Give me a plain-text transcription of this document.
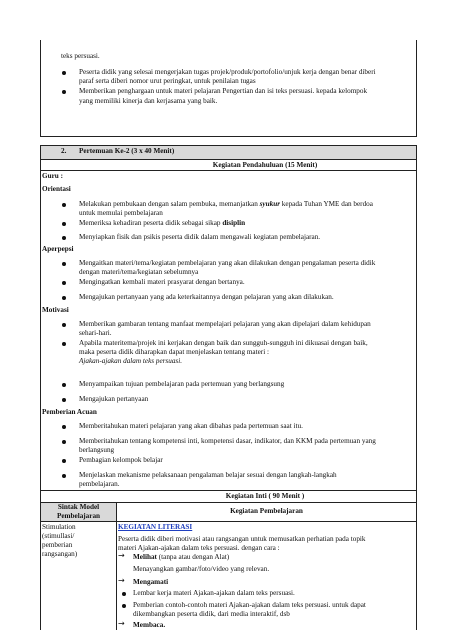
teks persuasi.
Peserta didik yang selesai mengerjakan tugas projek/produk/portofolio/unjuk kerja dengan benar diberi
paraf serta diberi nomor urut peringkat, untuk penilaian tugas
Memberikan penghargaan untuk materi pelajaran Pengertian dan isi teks persuasi. kepada kelompok
yang memiliki kinerja dan kerjasama yang baik.
2. Pertemuan Ke-2 (3 x 40 Menit)
Kegiatan Pendahuluan (15 Menit)
Guru :
Orientasi
Melakukan pembukaan dengan salam pembuka, memanjatkan syukur kepada Tuhan YME dan berdoa
untuk memulai pembelajaran
Memeriksa kehadiran peserta didik sebagai sikap disiplin
Menyiapkan fisik dan psikis peserta didik dalam mengawali kegiatan pembelajaran.
Aperpepsi
Mengaitkan materi/tema/kegiatan pembelajaran yang akan dilakukan dengan pengalaman peserta didik
dengan materi/tema/kegiatan sebelumnya
Mengingatkan kembali materi prasyarat dengan bertanya.
Mengajukan pertanyaan yang ada keterkaitannya dengan pelajaran yang akan dilakukan.
Motivasi
Memberikan gambaran tentang manfaat mempelajari pelajaran yang akan dipelajari dalam kehidupan
sehari-hari.
Apabila materitema/projek ini kerjakan dengan baik dan sungguh-sungguh ini dikuasai dengan baik,
maka peserta didik diharapkan dapat menjelaskan tentang materi :
Ajakan-ajakan dalam teks persuasi.
Menyampaikan tujuan pembelajaran pada pertemuan yang berlangsung
Mengajukan pertanyaan
Pemberian Acuan
Memberitahukan materi pelajaran yang akan dibahas pada pertemuan saat itu.
Memberitahukan tentang kompetensi inti, kompetensi dasar, indikator, dan KKM pada pertemuan yang
berlangsung
Pembagian kelompok belajar
Menjelaskan mekanisme pelaksanaan pengalaman belajar sesuai dengan langkah-langkah
pembelajaran.
Kegiatan Inti ( 90 Menit )
Sintak Model
Pembelajaran
Kegiatan Pembelajaran
Stimulation
(stimullasi/
pemberian
rangsangan)
KEGIATAN LITERASI
Peserta didik diberi motivasi atau rangsangan untuk memusatkan perhatian pada topik
materi Ajakan-ajakan dalam teks persuasi. dengan cara :
→ Melihat (tanpa atau dengan Alat)
Menayangkan gambar/foto/video yang relevan.
→ Mengamati
Lembar kerja materi Ajakan-ajakan dalam teks persuasi.
Pemberian contoh-contoh materi Ajakan-ajakan dalam teks persuasi. untuk dapat
dikembangkan peserta didik, dari media interaktif, dsb
→ Membaca.
